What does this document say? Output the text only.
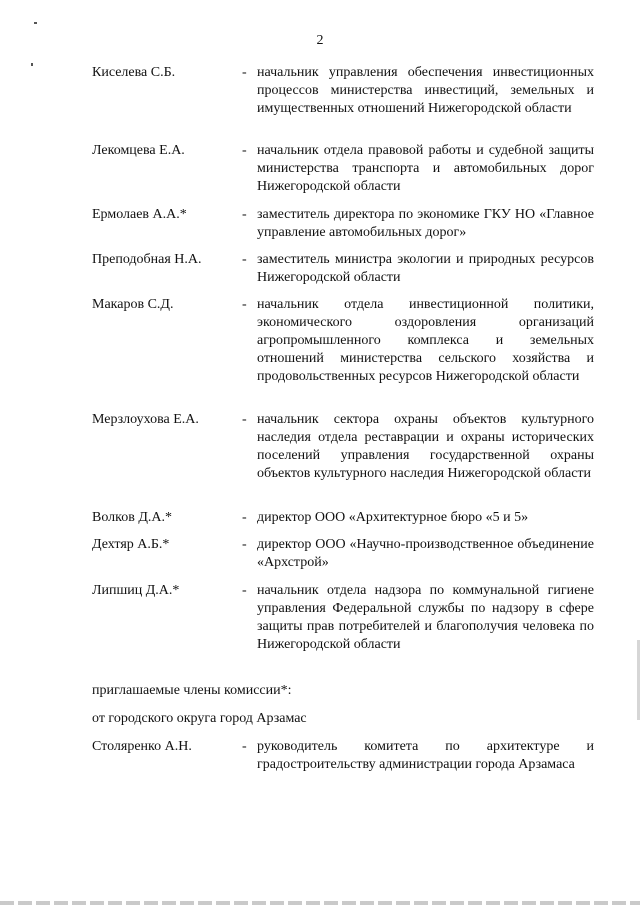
2
Киселева С.Б.	- начальник управления обеспечения инвестиционных процессов министерства инвестиций, земельных и имущественных отношений Нижегородской области
Лекомцева Е.А.	- начальник отдела правовой работы и судебной защиты министерства транспорта и автомобильных дорог Нижегородской области
Ермолаев А.А.*	- заместитель директора по экономике ГКУ НО «Главное управление автомобильных дорог»
Преподобная Н.А.	- заместитель министра экологии и природных ресурсов Нижегородской области
Макаров С.Д.	- начальник отдела инвестиционной политики, экономического оздоровления организаций агропромышленного комплекса и земельных отношений министерства сельского хозяйства и продовольственных ресурсов Нижегородской области
Мерзлоухова Е.А.	- начальник сектора охраны объектов культурного наследия отдела реставрации и охраны исторических поселений управления государственной охраны объектов культурного наследия Нижегородской области
Волков Д.А.*	- директор ООО «Архитектурное бюро «5 и 5»
Дехтяр А.Б.*	- директор ООО «Научно-производственное объединение «Архстрой»
Липшиц Д.А.*	- начальник отдела надзора по коммунальной гигиене управления Федеральной службы по надзору в сфере защиты прав потребителей и благополучия человека по Нижегородской области
приглашаемые члены комиссии*:
от городского округа город Арзамас
Столяренко А.Н.	- руководитель комитета по архитектуре и градостроительству администрации города Арзамаса
